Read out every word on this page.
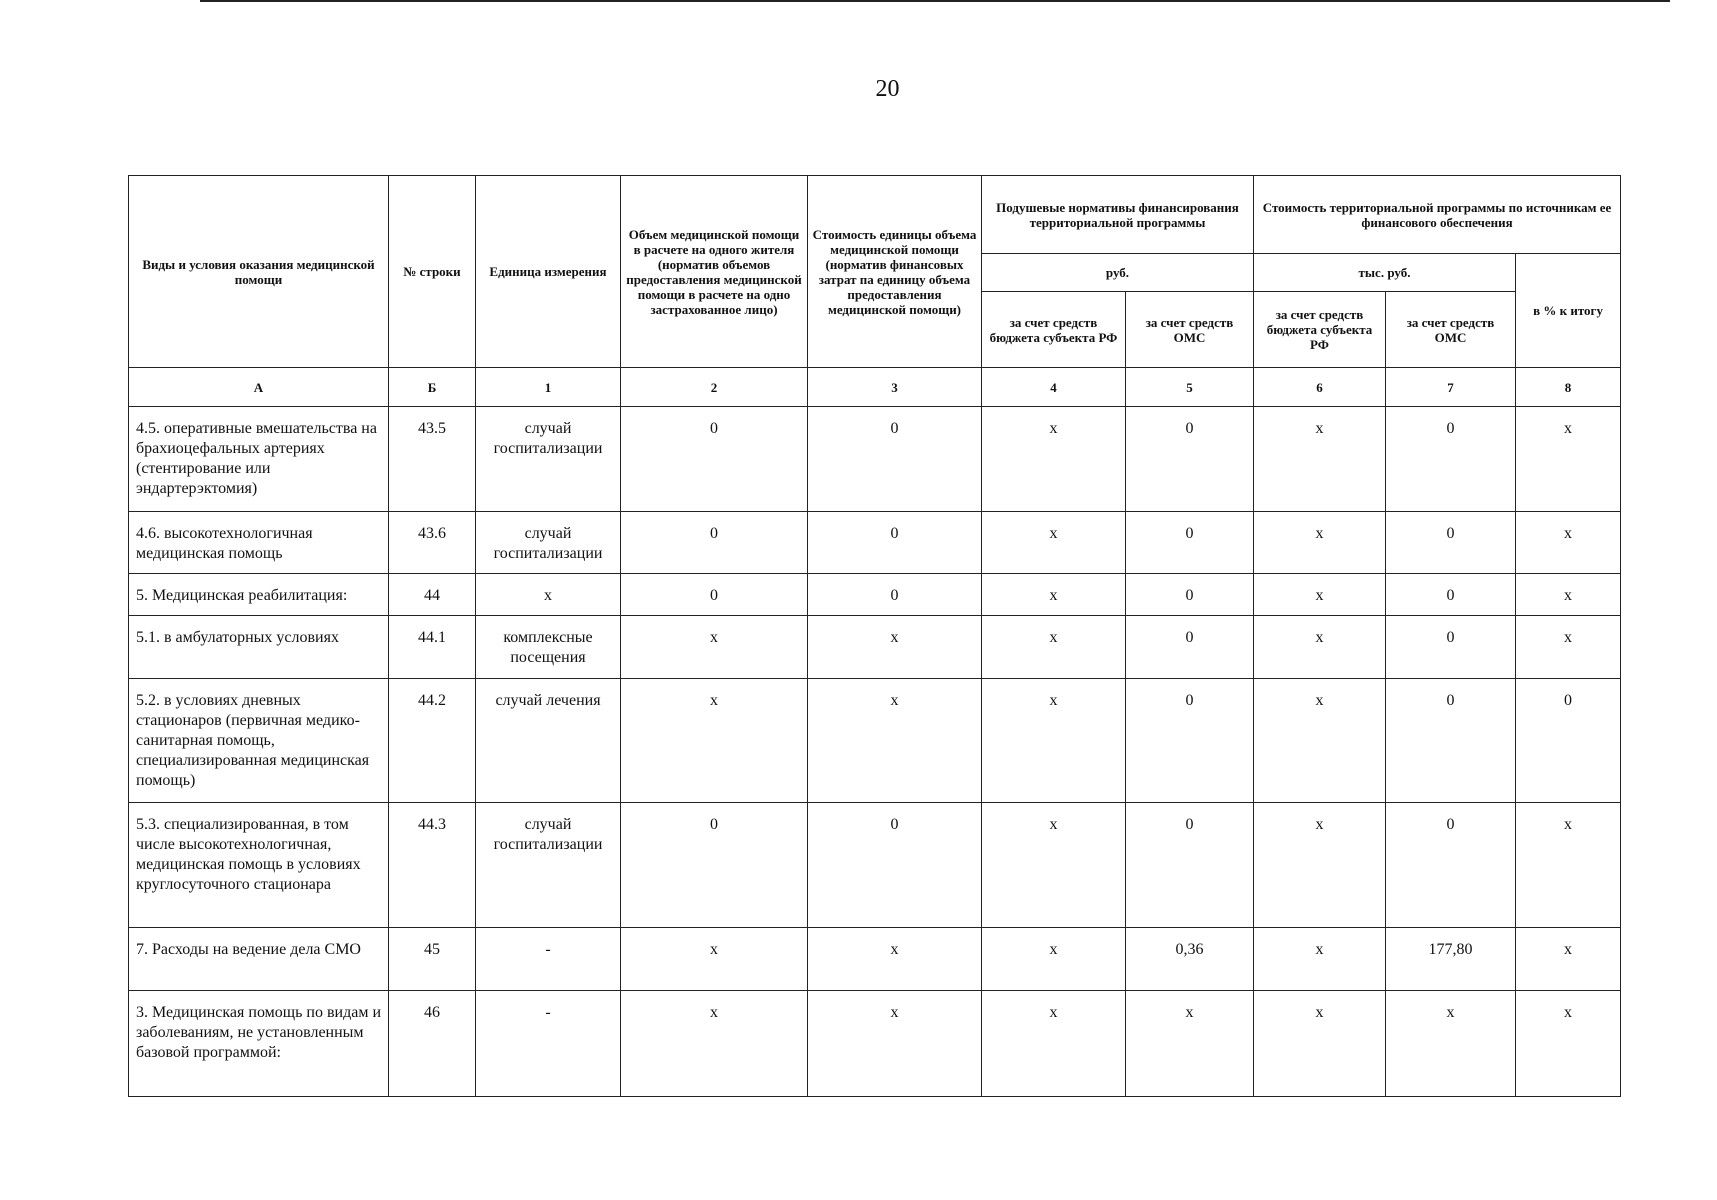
20
Виды и условия оказания медицинской помощи	№ строки	Единица измерения	Объем медицинской помощи в расчете на одного жителя (норматив объемов предоставления медицинской помощи в расчете на одно застрахованное лицо)	Стоимость единицы объема медицинской помощи (норматив финансовых затрат па единицу объема предоставления медицинской помощи)	Подушевые нормативы финансирования территориальной программы		Стоимость территориальной программы по источникам ее финансового обеспечения		
					руб.		тыс. руб.		в % к итогу
					за счет средств бюджета субъекта РФ	за счет средств ОМС	за счет средств бюджета субъекта РФ	за счет средств ОМС	
А	Б	1	2	3	4	5	6	7	8
4.5. оперативные вмешательства на брахиоцефальных артериях (стентирование или эндартерэктомия)	43.5	случай госпитализации	0	0	x	0	x	0	x
4.6. высокотехнологичная медицинская помощь	43.6	случай госпитализации	0	0	x	0	x	0	x
5. Медицинская реабилитация:	44	x	0	0	x	0	x	0	x
5.1. в амбулаторных условиях	44.1	комплексные посещения	x	x	x	0	x	0	x
5.2. в условиях дневных стационаров (первичная медико-санитарная помощь, специализированная медицинская помощь)	44.2	случай лечения	x	x	x	0	x	0	0
5.3. специализированная, в том числе высокотехнологичная, медицинская помощь в условиях круглосуточного стационара	44.3	случай госпитализации	0	0	x	0	x	0	x
7. Расходы на ведение дела СМО	45	-	x	x	x	0,36	x	177,80	x
3. Медицинская помощь по видам и заболеваниям, не установленным базовой программой:	46	-	x	x	x	x	x	x	x
